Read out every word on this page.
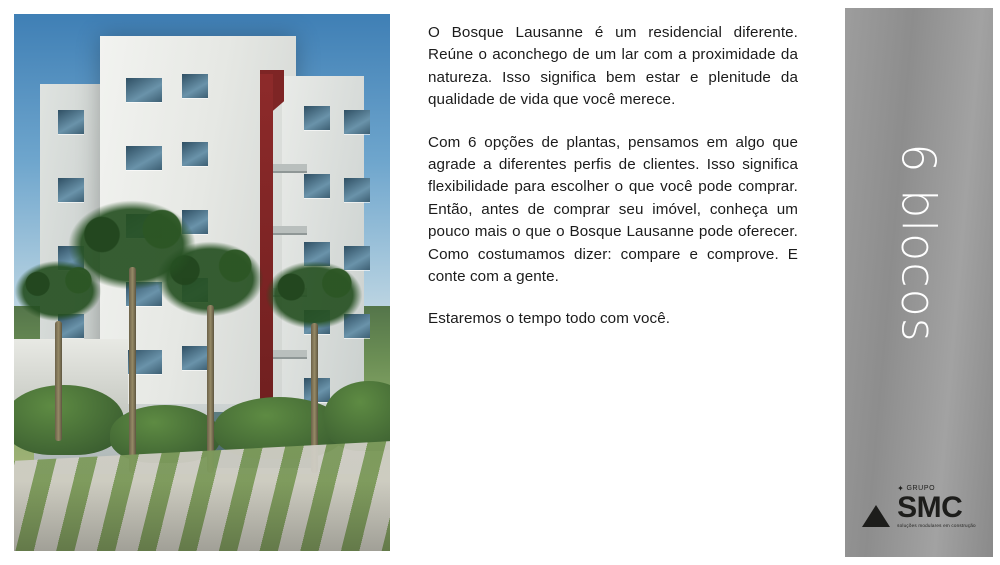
O Bosque Lausanne é um residencial diferente. Reúne o aconchego de um lar com a proximidade da natureza. Isso significa bem estar e plenitude da qualidade de vida que você merece.

Com 6 opções de plantas, pensamos em algo que agrade a diferentes perfis de clientes. Isso significa flexibilidade para escolher o que você pode comprar. Então, antes de comprar seu imóvel, conheça um pouco mais o que o Bosque Lausanne pode oferecer. Como costumamos dizer: compare e comprove. E conte com a gente.

Estaremos o tempo todo com você.	6 blocos
✦ GRUPO
SMC
soluções modulares em construção
